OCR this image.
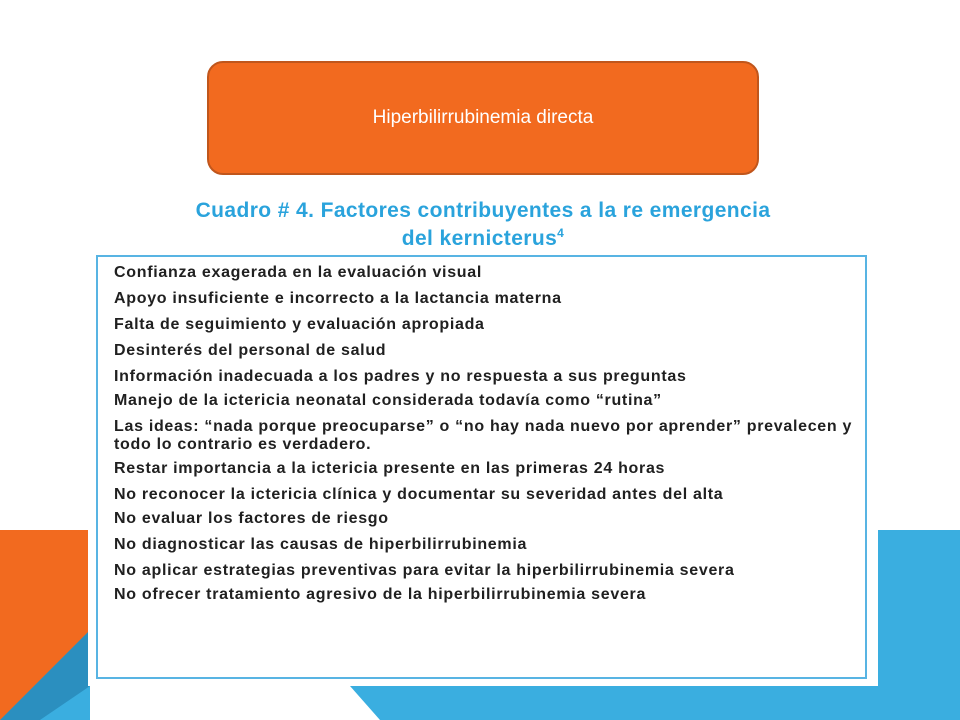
Hiperbilirrubinemia directa
Cuadro # 4. Factores contribuyentes a la re emergencia
del kernicterus$^4$
Confianza exagerada en la evaluación visual
Apoyo insuficiente e incorrecto a la lactancia materna
Falta de seguimiento y evaluación apropiada
Desinterés del personal de salud
Información inadecuada a los padres y no respuesta a sus preguntas
Manejo de la ictericia neonatal considerada todavía como “rutina”
Las ideas: “nada porque preocuparse” o “no hay nada nuevo por aprender” prevalecen y todo lo contrario es verdadero.
Restar importancia a la ictericia presente en las primeras 24 horas
No reconocer la ictericia clínica y documentar su severidad antes del alta
No evaluar los factores de riesgo
No diagnosticar las causas de hiperbilirrubinemia
No aplicar estrategias preventivas para evitar la hiperbilirrubinemia severa
No ofrecer tratamiento agresivo de la hiperbilirrubinemia severa
